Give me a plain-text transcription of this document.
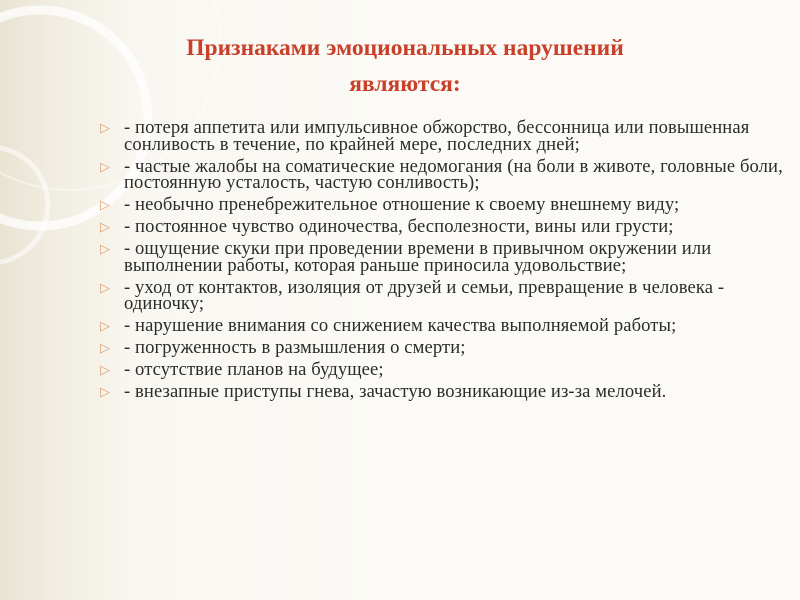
Признаками эмоциональных нарушений
являются:
▷ - потеря аппетита или импульсивное обжорство, бессонница или повышенная сонливость в течение, по крайней мере, последних дней;
▷ - частые жалобы на соматические недомогания (на боли в животе, головные боли, постоянную усталость, частую сонливость);
▷ - необычно пренебрежительное отношение к своему внешнему виду;
▷ - постоянное чувство одиночества, бесполезности, вины или грусти;
▷ - ощущение скуки при проведении времени в привычном окружении или выполнении работы, которая раньше приносила удовольствие;
▷ - уход от контактов, изоляция от друзей и семьи, превращение в человека - одиночку;
▷ - нарушение внимания со снижением качества выполняемой работы;
▷ - погруженность в размышления о смерти;
▷ - отсутствие планов на будущее;
▷ - внезапные приступы гнева, зачастую возникающие из-за мелочей.
